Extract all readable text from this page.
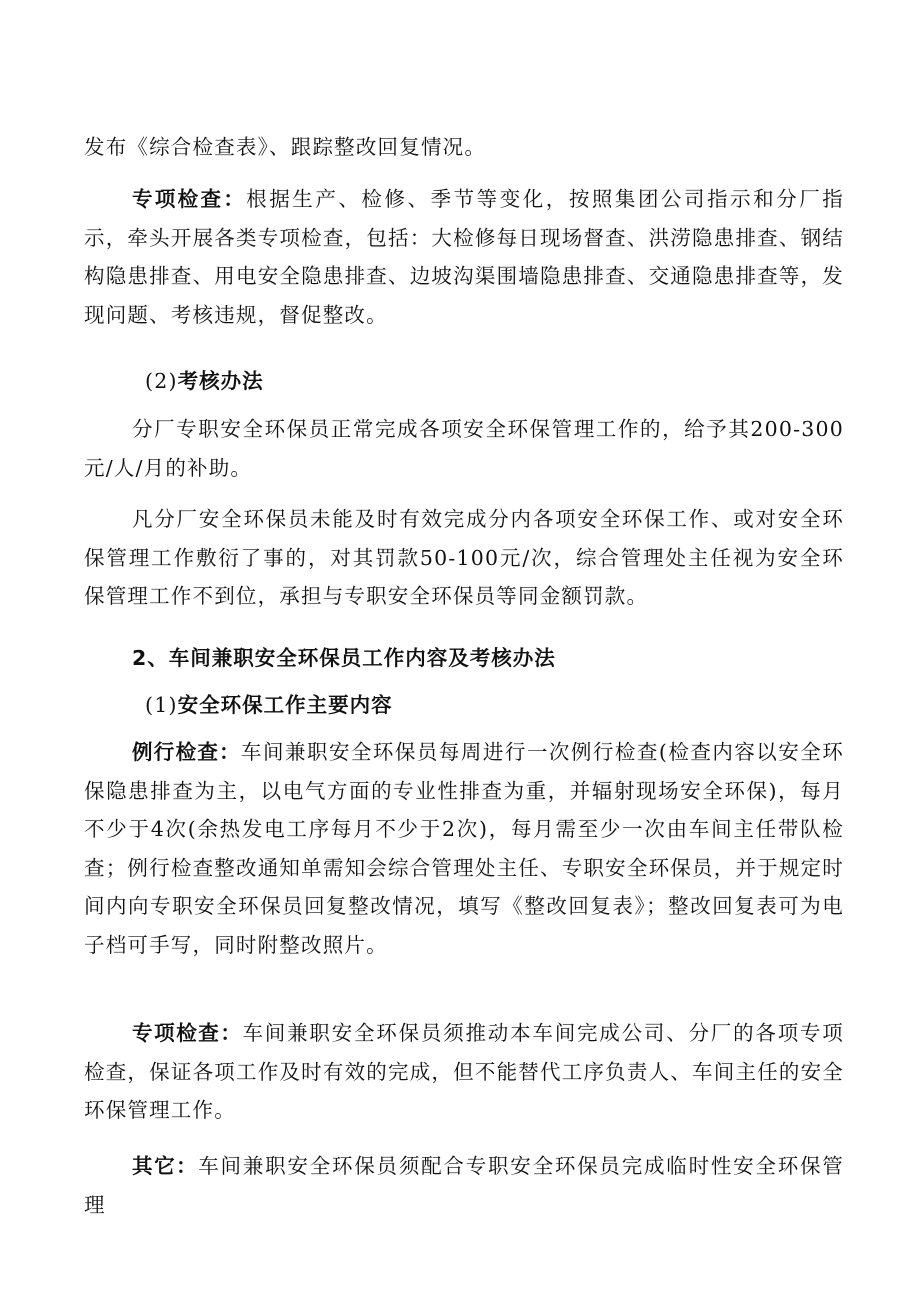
发布《综合检查表》、跟踪整改回复情况。

专项检查：根据生产、检修、季节等变化，按照集团公司指示和分厂指示，牵头开展各类专项检查，包括：大检修每日现场督查、洪涝隐患排查、钢结构隐患排查、用电安全隐患排查、边坡沟渠围墙隐患排查、交通隐患排查等，发现问题、考核违规，督促整改。

(2)考核办法

分厂专职安全环保员正常完成各项安全环保管理工作的，给予其200-300元/人/月的补助。

凡分厂安全环保员未能及时有效完成分内各项安全环保工作、或对安全环保管理工作敷衍了事的，对其罚款50-100元/次，综合管理处主任视为安全环保管理工作不到位，承担与专职安全环保员等同金额罚款。

2、车间兼职安全环保员工作内容及考核办法

(1)安全环保工作主要内容

例行检查：车间兼职安全环保员每周进行一次例行检查(检查内容以安全环保隐患排查为主，以电气方面的专业性排查为重，并辐射现场安全环保)，每月不少于4次(余热发电工序每月不少于2次)，每月需至少一次由车间主任带队检查；例行检查整改通知单需知会综合管理处主任、专职安全环保员，并于规定时间内向专职安全环保员回复整改情况，填写《整改回复表》；整改回复表可为电子档可手写，同时附整改照片。

专项检查：车间兼职安全环保员须推动本车间完成公司、分厂的各项专项检查，保证各项工作及时有效的完成，但不能替代工序负责人、车间主任的安全环保管理工作。

其它：车间兼职安全环保员须配合专职安全环保员完成临时性安全环保管理
